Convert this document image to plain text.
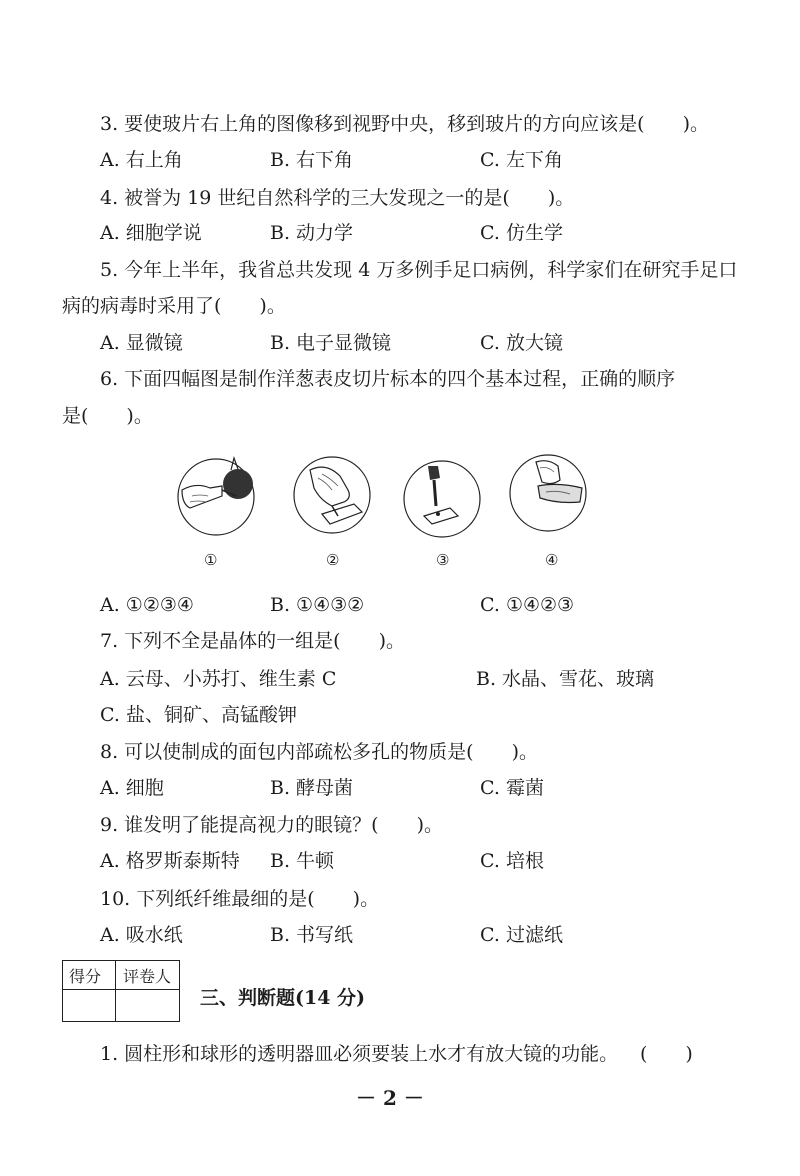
3. 要使玻片右上角的图像移到视野中央，移到玻片的方向应该是(　　)。
A. 右上角	B. 右下角	C. 左下角
4. 被誉为 19 世纪自然科学的三大发现之一的是(　　)。
A. 细胞学说	B. 动力学	C. 仿生学
5. 今年上半年，我省总共发现 4 万多例手足口病例，科学家们在研究手足口
病的病毒时采用了(　　)。
A. 显微镜	B. 电子显微镜	C. 放大镜
6. 下面四幅图是制作洋葱表皮切片标本的四个基本过程，正确的顺序
是(　　)。
①	②	③	④
A. ①②③④	B. ①④③②	C. ①④②③
7. 下列不全是晶体的一组是(　　)。
A. 云母、小苏打、维生素 C	B. 水晶、雪花、玻璃
C. 盐、铜矿、高锰酸钾
8. 可以使制成的面包内部疏松多孔的物质是(　　)。
A. 细胞	B. 酵母菌	C. 霉菌
9. 谁发明了能提高视力的眼镜？(　　)。
A. 格罗斯泰斯特 B. 牛顿	C. 培根
10. 下列纸纤维最细的是(　　)。
A. 吸水纸	B. 书写纸	C. 过滤纸
得分 评卷人
三、判断题(14 分)
1. 圆柱形和球形的透明器皿必须要装上水才有放大镜的功能。 (　　)
－ 2 －
